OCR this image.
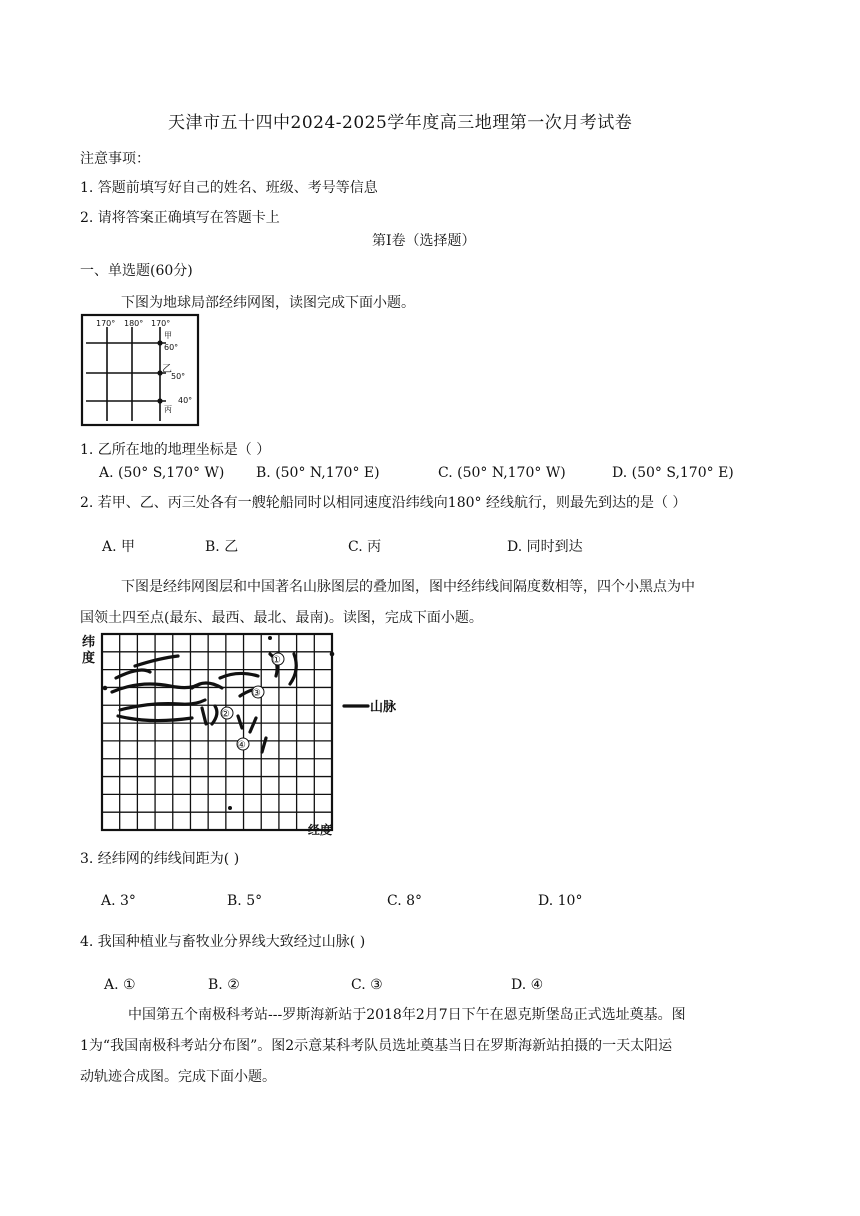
天津市五十四中2024-2025学年度高三地理第一次月考试卷
注意事项：
1. 答题前填写好自己的姓名、班级、考号等信息
2. 请将答案正确填写在答题卡上
第Ⅰ卷（选择题）
一、单选题(60分)
下图为地球局部经纬网图，读图完成下面小题。
170° 180° 170°
甲
60°
乙
50°
40°
丙
1. 乙所在地的地理坐标是（ ）
A. (50° S,170° W) B. (50° N,170° E)	C. (50° N,170° W)	D. (50° S,170° E)
2. 若甲、乙、丙三处各有一艘轮船同时以相同速度沿纬线向180° 经线航行，则最先到达的是（ ）
A. 甲	B. 乙	C. 丙	D. 同时到达
下图是经纬网图层和中国著名山脉图层的叠加图，图中经纬线间隔度数相等，四个小黑点为中
国领土四至点(最东、最西、最北、最南)。读图，完成下面小题。
①
②
③
④
纬
度
经度
山脉
3. 经纬网的纬线间距为( )
A. 3°	B. 5°	C. 8°	D. 10°
4. 我国种植业与畜牧业分界线大致经过山脉( )
A. ①	B. ②	C. ③	D. ④
中国第五个南极科考站---罗斯海新站于2018年2月7日下午在恩克斯堡岛正式选址奠基。图
1为“我国南极科考站分布图”。图2示意某科考队员选址奠基当日在罗斯海新站拍摄的一天太阳运
动轨迹合成图。完成下面小题。
